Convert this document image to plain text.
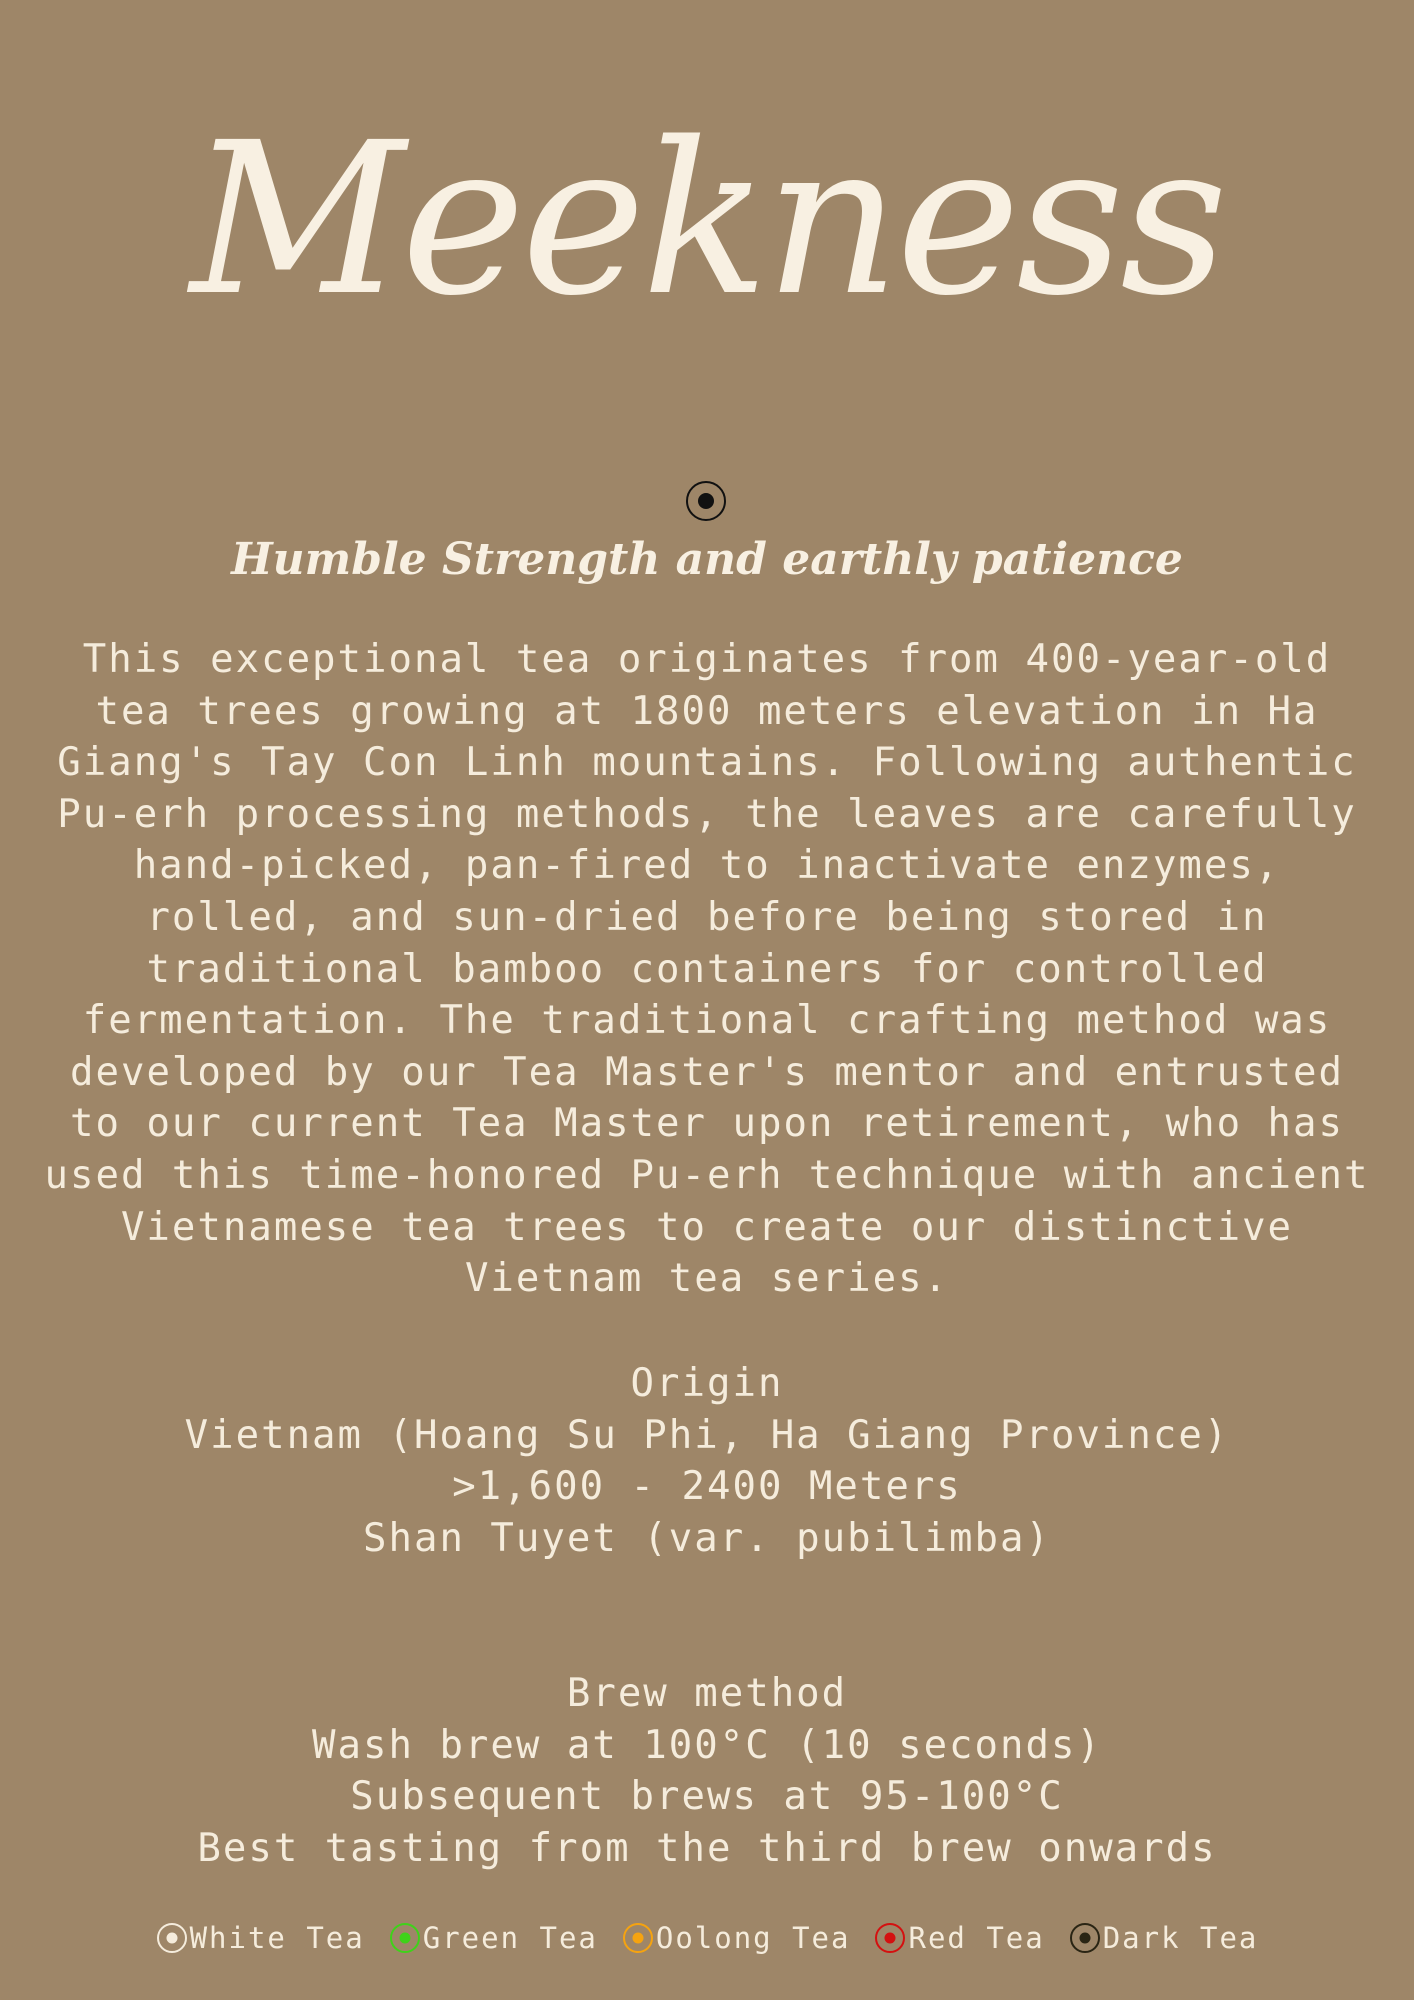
Meekness
Humble Strength and earthly patience

This exceptional tea originates from 400-year-old tea trees growing at 1800 meters elevation in Ha Giang's Tay Con Linh mountains. Following authentic Pu-erh processing methods, the leaves are carefully hand-picked, pan-fired to inactivate enzymes, rolled, and sun-dried before being stored in traditional bamboo containers for controlled fermentation. The traditional crafting method was developed by our Tea Master's mentor and entrusted to our current Tea Master upon retirement, who has used this time-honored Pu-erh technique with ancient Vietnamese tea trees to create our distinctive Vietnam tea series.

Origin
Vietnam (Hoang Su Phi, Ha Giang Province)
>1,600 - 2400 Meters
Shan Tuyet (var. pubilimba)
Brew method
Wash brew at 100°C (10 seconds)
Subsequent brews at 95-100°C
Best tasting from the third brew onwards
White Tea Green Tea Oolong Tea Red Tea Dark Tea
